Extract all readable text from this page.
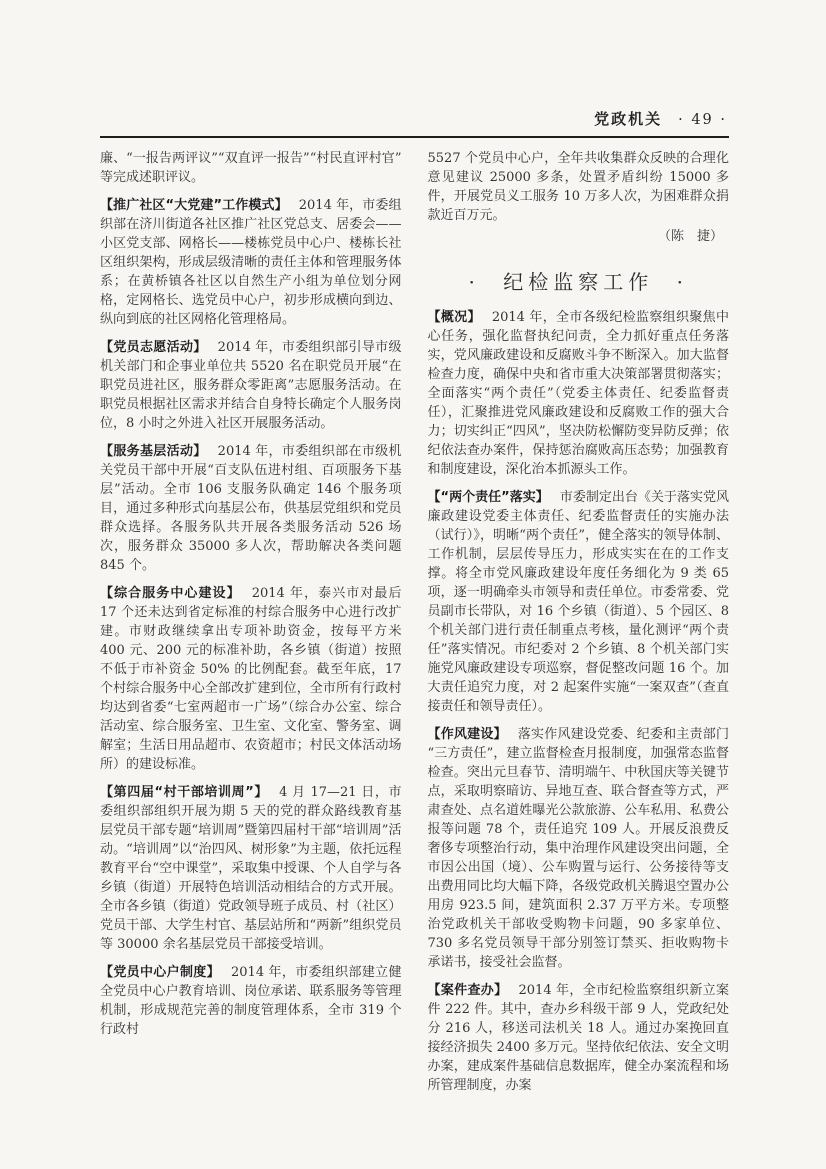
党政机关 · 49 ·

廉、“一报告两评议”“双直评一报告”“村民直评村官”等完成述职评议。

【推广社区“大党建”工作模式】 2014 年，市委组织部在济川街道各社区推广社区党总支、居委会——小区党支部、网格长——楼栋党员中心户、楼栋长社区组织架构，形成层级清晰的责任主体和管理服务体系；在黄桥镇各社区以自然生产小组为单位划分网格，定网格长、选党员中心户，初步形成横向到边、纵向到底的社区网格化管理格局。

【党员志愿活动】 2014 年，市委组织部引导市级机关部门和企事业单位共 5520 名在职党员开展“在职党员进社区，服务群众零距离”志愿服务活动。在职党员根据社区需求并结合自身特长确定个人服务岗位，8 小时之外进入社区开展服务活动。

【服务基层活动】 2014 年，市委组织部在市级机关党员干部中开展“百支队伍进村组、百项服务下基层”活动。全市 106 支服务队确定 146 个服务项目，通过多种形式向基层公布，供基层党组织和党员群众选择。各服务队共开展各类服务活动 526 场次，服务群众 35000 多人次，帮助解决各类问题 845 个。

【综合服务中心建设】 2014 年，泰兴市对最后 17 个还未达到省定标准的村综合服务中心进行改扩建。市财政继续拿出专项补助资金，按每平方米 400 元、200 元的标准补助，各乡镇（街道）按照不低于市补资金 50% 的比例配套。截至年底，17 个村综合服务中心全部改扩建到位，全市所有行政村均达到省委“七室两超市一广场”（综合办公室、综合活动室、综合服务室、卫生室、文化室、警务室、调解室；生活日用品超市、农资超市；村民文体活动场所）的建设标准。

【第四届“村干部培训周”】 4 月 17—21 日，市委组织部组织开展为期 5 天的党的群众路线教育基层党员干部专题“培训周”暨第四届村干部“培训周”活动。“培训周”以“治四风、树形象”为主题，依托远程教育平台“空中课堂”，采取集中授课、个人自学与各乡镇（街道）开展特色培训活动相结合的方式开展。全市各乡镇（街道）党政领导班子成员、村（社区）党员干部、大学生村官、基层站所和“两新”组织党员等 30000 余名基层党员干部接受培训。

【党员中心户制度】 2014 年，市委组织部建立健全党员中心户教育培训、岗位承诺、联系服务等管理机制，形成规范完善的制度管理体系，全市 319 个行政村

5527 个党员中心户，全年共收集群众反映的合理化意见建议 25000 多条，处置矛盾纠纷 15000 多件，开展党员义工服务 10 万多人次，为困难群众捐款近百万元。

（陈　捷）

· 纪检监察工作 ·

【概况】 2014 年，全市各级纪检监察组织聚焦中心任务，强化监督执纪问责，全力抓好重点任务落实，党风廉政建设和反腐败斗争不断深入。加大监督检查力度，确保中央和省市重大决策部署贯彻落实；全面落实“两个责任”（党委主体责任、纪委监督责任），汇聚推进党风廉政建设和反腐败工作的强大合力；切实纠正“四风”，坚决防松懈防变异防反弹；依纪依法查办案件，保持惩治腐败高压态势；加强教育和制度建设，深化治本抓源头工作。

【“两个责任”落实】 市委制定出台《关于落实党风廉政建设党委主体责任、纪委监督责任的实施办法（试行）》，明晰“两个责任”，健全落实的领导体制、工作机制，层层传导压力，形成实实在在的工作支撑。将全市党风廉政建设年度任务细化为 9 类 65 项，逐一明确牵头市领导和责任单位。市委常委、党员副市长带队，对 16 个乡镇（街道）、5 个园区、8 个机关部门进行责任制重点考核，量化测评“两个责任”落实情况。市纪委对 2 个乡镇、8 个机关部门实施党风廉政建设专项巡察，督促整改问题 16 个。加大责任追究力度，对 2 起案件实施“一案双查”（查直接责任和领导责任）。

【作风建设】 落实作风建设党委、纪委和主责部门“三方责任”，建立监督检查月报制度，加强常态监督检查。突出元旦春节、清明端午、中秋国庆等关键节点，采取明察暗访、异地互查、联合督查等方式，严肃查处、点名道姓曝光公款旅游、公车私用、私费公报等问题 78 个，责任追究 109 人。开展反浪费反奢侈专项整治行动，集中治理作风建设突出问题，全市因公出国（境）、公车购置与运行、公务接待等支出费用同比均大幅下降，各级党政机关腾退空置办公用房 923.5 间，建筑面积 2.37 万平方米。专项整治党政机关干部收受购物卡问题，90 多家单位、730 多名党员领导干部分别签订禁买、拒收购物卡承诺书，接受社会监督。

【案件查办】 2014 年，全市纪检监察组织新立案件 222 件。其中，查办乡科级干部 9 人，党政纪处分 216 人，移送司法机关 18 人。通过办案挽回直接经济损失 2400 多万元。坚持依纪依法、安全文明办案，建成案件基础信息数据库，健全办案流程和场所管理制度，办案
